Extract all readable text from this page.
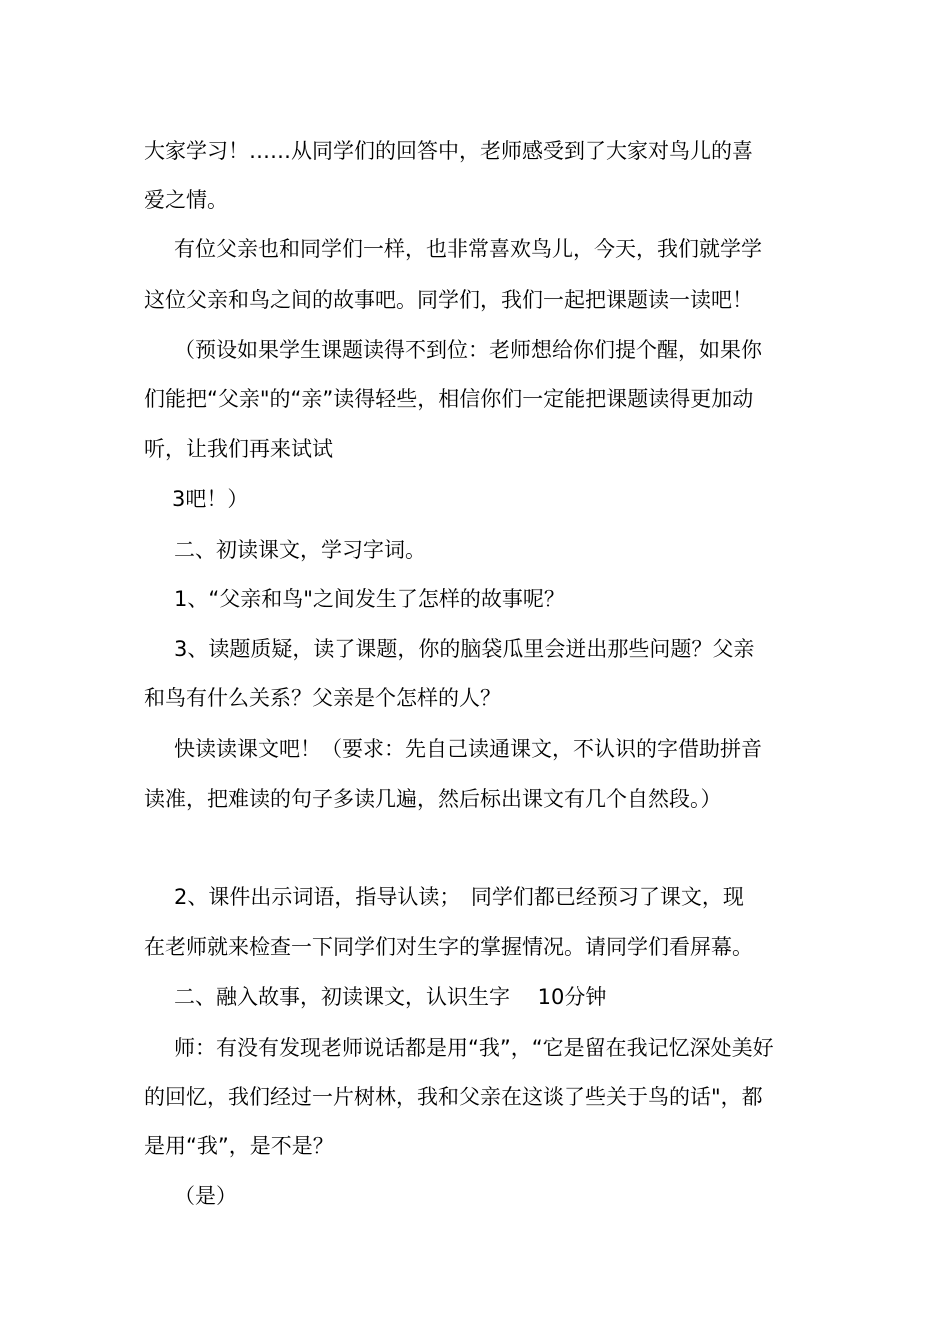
大家学习！……从同学们的回答中，老师感受到了大家对鸟儿的喜
爱之情。
有位父亲也和同学们一样，也非常喜欢鸟儿，今天，我们就学学
这位父亲和鸟之间的故事吧。同学们，我们一起把课题读一读吧！
（预设如果学生课题读得不到位：老师想给你们提个醒，如果你
们能把“父亲"的“亲”读得轻些，相信你们一定能把课题读得更加动
听，让我们再来试试
3吧！）
二、初读课文，学习字词。
1、“父亲和鸟"之间发生了怎样的故事呢？
3、读题质疑，读了课题，你的脑袋瓜里会迸出那些问题？父亲
和鸟有什么关系？父亲是个怎样的人？
快读读课文吧！（要求：先自己读通课文，不认识的字借助拼音
读准，把难读的句子多读几遍，然后标出课文有几个自然段。）
2、课件出示词语，指导认读；　同学们都已经预习了课文，现
在老师就来检查一下同学们对生字的掌握情况。请同学们看屏幕。
二、融入故事，初读课文，认识生字　 10分钟
师：有没有发现老师说话都是用“我”，“它是留在我记忆深处美好
的回忆，我们经过一片树林，我和父亲在这谈了些关于鸟的话"，都
是用“我”，是不是？
（是）
